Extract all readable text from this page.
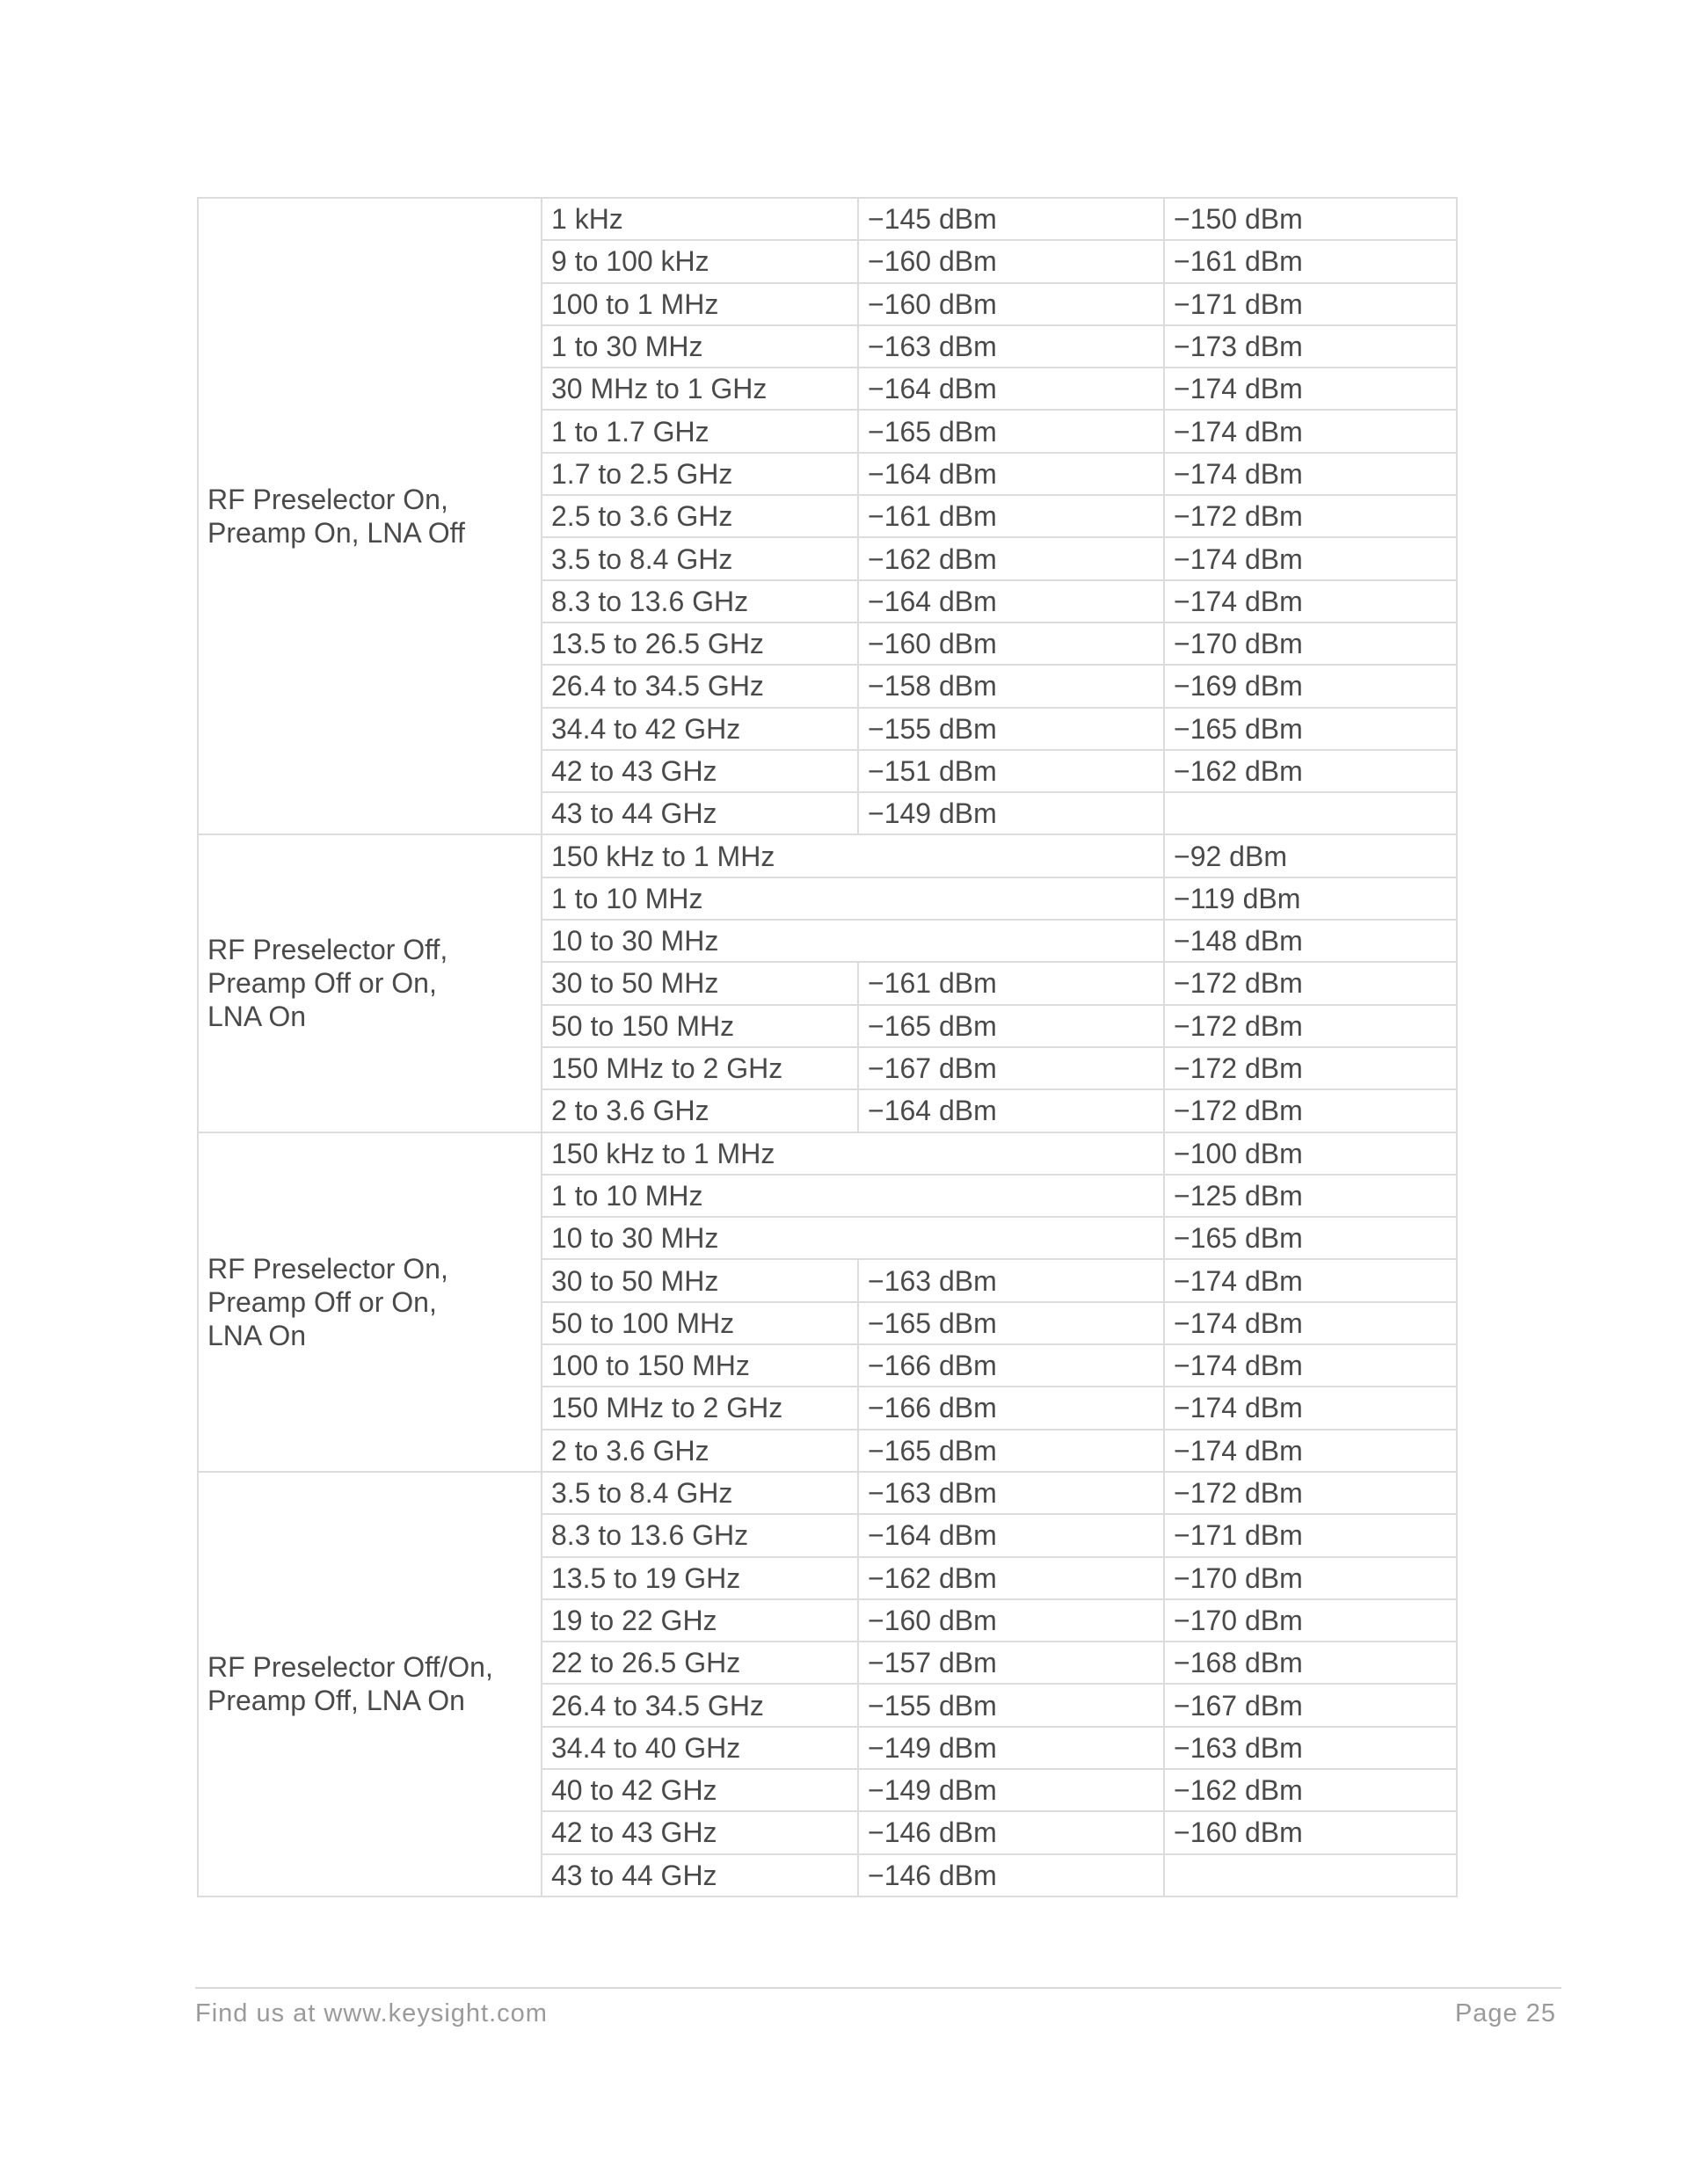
RF Preselector On,
Preamp On, LNA Off	1 kHz	−145 dBm	−150 dBm
	9 to 100 kHz	−160 dBm	−161 dBm
	100 to 1 MHz	−160 dBm	−171 dBm
	1 to 30 MHz	−163 dBm	−173 dBm
	30 MHz to 1 GHz	−164 dBm	−174 dBm
	1 to 1.7 GHz	−165 dBm	−174 dBm
	1.7 to 2.5 GHz	−164 dBm	−174 dBm
	2.5 to 3.6 GHz	−161 dBm	−172 dBm
	3.5 to 8.4 GHz	−162 dBm	−174 dBm
	8.3 to 13.6 GHz	−164 dBm	−174 dBm
	13.5 to 26.5 GHz	−160 dBm	−170 dBm
	26.4 to 34.5 GHz	−158 dBm	−169 dBm
	34.4 to 42 GHz	−155 dBm	−165 dBm
	42 to 43 GHz	−151 dBm	−162 dBm
	43 to 44 GHz	−149 dBm	
RF Preselector Off,
Preamp Off or On,
LNA On	150 kHz to 1 MHz		−92 dBm
	1 to 10 MHz		−119 dBm
	10 to 30 MHz		−148 dBm
	30 to 50 MHz	−161 dBm	−172 dBm
	50 to 150 MHz	−165 dBm	−172 dBm
	150 MHz to 2 GHz	−167 dBm	−172 dBm
	2 to 3.6 GHz	−164 dBm	−172 dBm
RF Preselector On,
Preamp Off or On,
LNA On	150 kHz to 1 MHz		−100 dBm
	1 to 10 MHz		−125 dBm
	10 to 30 MHz		−165 dBm
	30 to 50 MHz	−163 dBm	−174 dBm
	50 to 100 MHz	−165 dBm	−174 dBm
	100 to 150 MHz	−166 dBm	−174 dBm
	150 MHz to 2 GHz	−166 dBm	−174 dBm
	2 to 3.6 GHz	−165 dBm	−174 dBm
RF Preselector Off/On,
Preamp Off, LNA On	3.5 to 8.4 GHz	−163 dBm	−172 dBm
	8.3 to 13.6 GHz	−164 dBm	−171 dBm
	13.5 to 19 GHz	−162 dBm	−170 dBm
	19 to 22 GHz	−160 dBm	−170 dBm
	22 to 26.5 GHz	−157 dBm	−168 dBm
	26.4 to 34.5 GHz	−155 dBm	−167 dBm
	34.4 to 40 GHz	−149 dBm	−163 dBm
	40 to 42 GHz	−149 dBm	−162 dBm
	42 to 43 GHz	−146 dBm	−160 dBm
	43 to 44 GHz	−146 dBm	
Find us at www.keysight.com	Page 25
